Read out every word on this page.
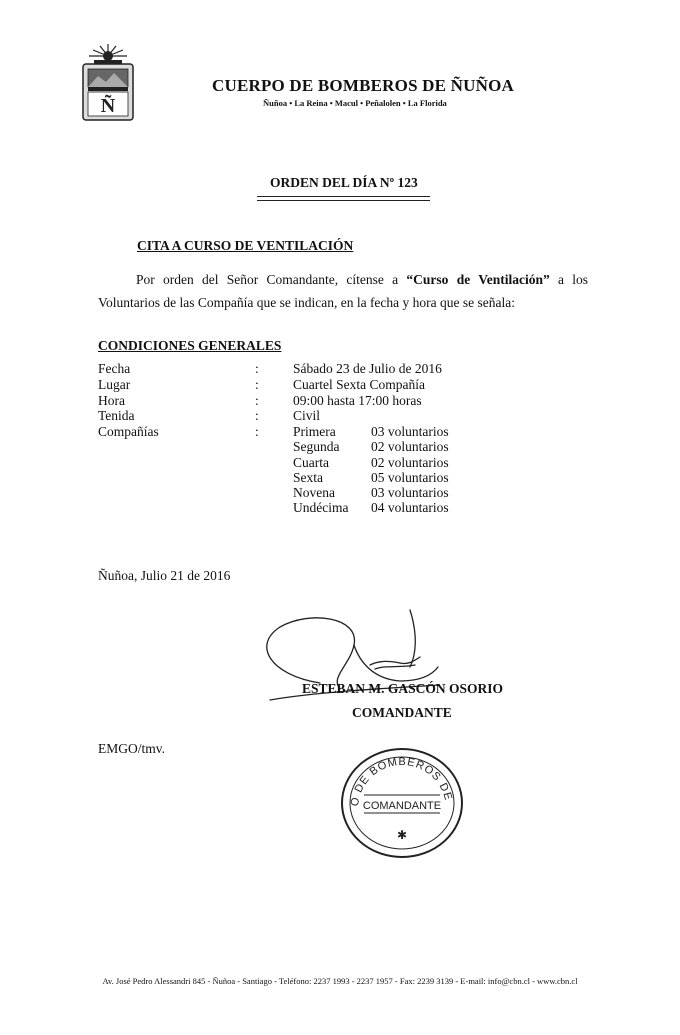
Ñ
CUERPO DE BOMBEROS DE ÑUÑOA
Ñuñoa • La Reina • Macul • Peñalolen • La Florida
ORDEN DEL DÍA Nº 123
CITA A CURSO DE VENTILACIÓN
Por orden del Señor Comandante, cítense a “Curso de Ventilación” a los
Voluntarios de las Compañía que se indican, en la fecha y hora que se señala:
CONDICIONES GENERALES
Fecha	:	Sábado 23 de Julio de 2016
Lugar	:	Cuartel Sexta Compañía
Hora	:	09:00 hasta 17:00 horas
Tenida	:	Civil
Compañías	:	Primera	03 voluntarios
Segunda 02 voluntarios
Cuarta	02 voluntarios
Sexta	05 voluntarios
Novena	03 voluntarios
Undécima 04 voluntarios
Ñuñoa, Julio 21 de 2016
ESTEBAN M. GASCÓN OSORIO
COMANDANTE
EMGO/tmv.
O DE BOMBEROS DE
COMANDANTE
✱
Av. José Pedro Alessandri 845 - Ñuñoa - Santiago - Teléfono: 2237 1993 - 2237 1957 - Fax: 2239 3139 - E-mail: info@cbn.cl - www.cbn.cl
